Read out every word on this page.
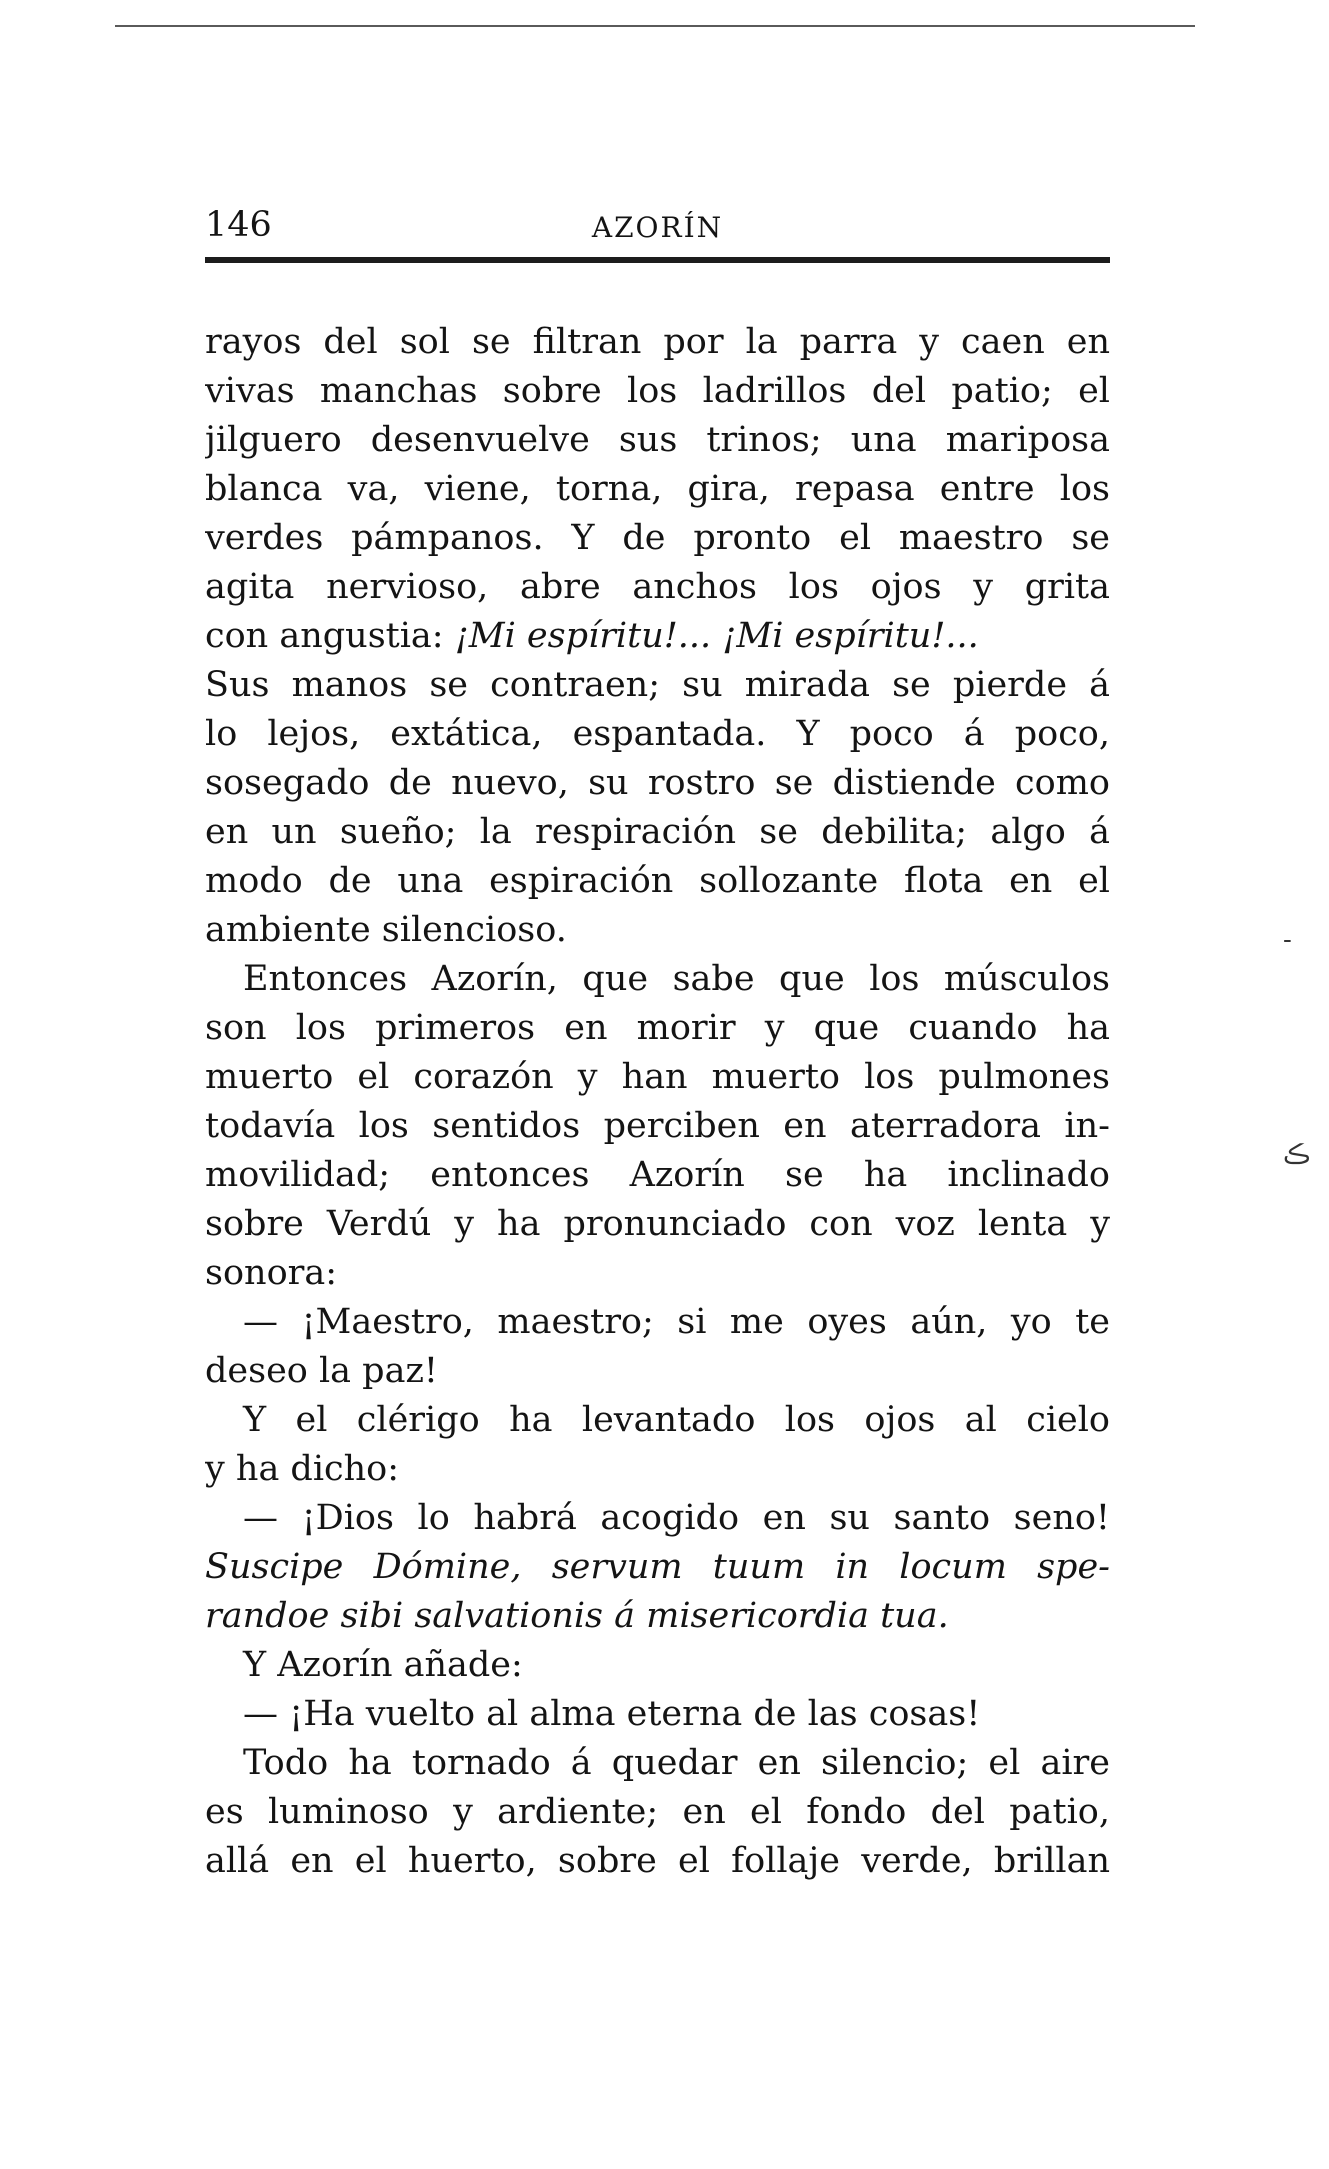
146	AZORÍN
rayos del sol se filtran por la parra y caen en
vivas manchas sobre los ladrillos del patio; el
jilguero desenvuelve sus trinos; una mariposa
blanca va, viene, torna, gira, repasa entre los
verdes pámpanos. Y de pronto el maestro se
agita nervioso, abre anchos los ojos y grita
con angustia: ¡Mi espíritu!... ¡Mi espíritu!...
Sus manos se contraen; su mirada se pierde á
lo lejos, extática, espantada. Y poco á poco,
sosegado de nuevo, su rostro se distiende como
en un sueño; la respiración se debilita; algo á
modo de una espiración sollozante flota en el
ambiente silencioso.
Entonces Azorín, que sabe que los músculos
son los primeros en morir y que cuando ha
muerto el corazón y han muerto los pulmones
todavía los sentidos perciben en aterradora in-
movilidad; entonces Azorín se ha inclinado
sobre Verdú y ha pronunciado con voz lenta y
sonora:
— ¡Maestro, maestro; si me oyes aún, yo te
deseo la paz!
Y el clérigo ha levantado los ojos al cielo
y ha dicho:
— ¡Dios lo habrá acogido en su santo seno!
Suscipe Dómine, servum tuum in locum spe-
randoe sibi salvationis á misericordia tua.
Y Azorín añade:
— ¡Ha vuelto al alma eterna de las cosas!
Todo ha tornado á quedar en silencio; el aire
es luminoso y ardiente; en el fondo del patio,
allá en el huerto, sobre el follaje verde, brillan
-
ڪ
